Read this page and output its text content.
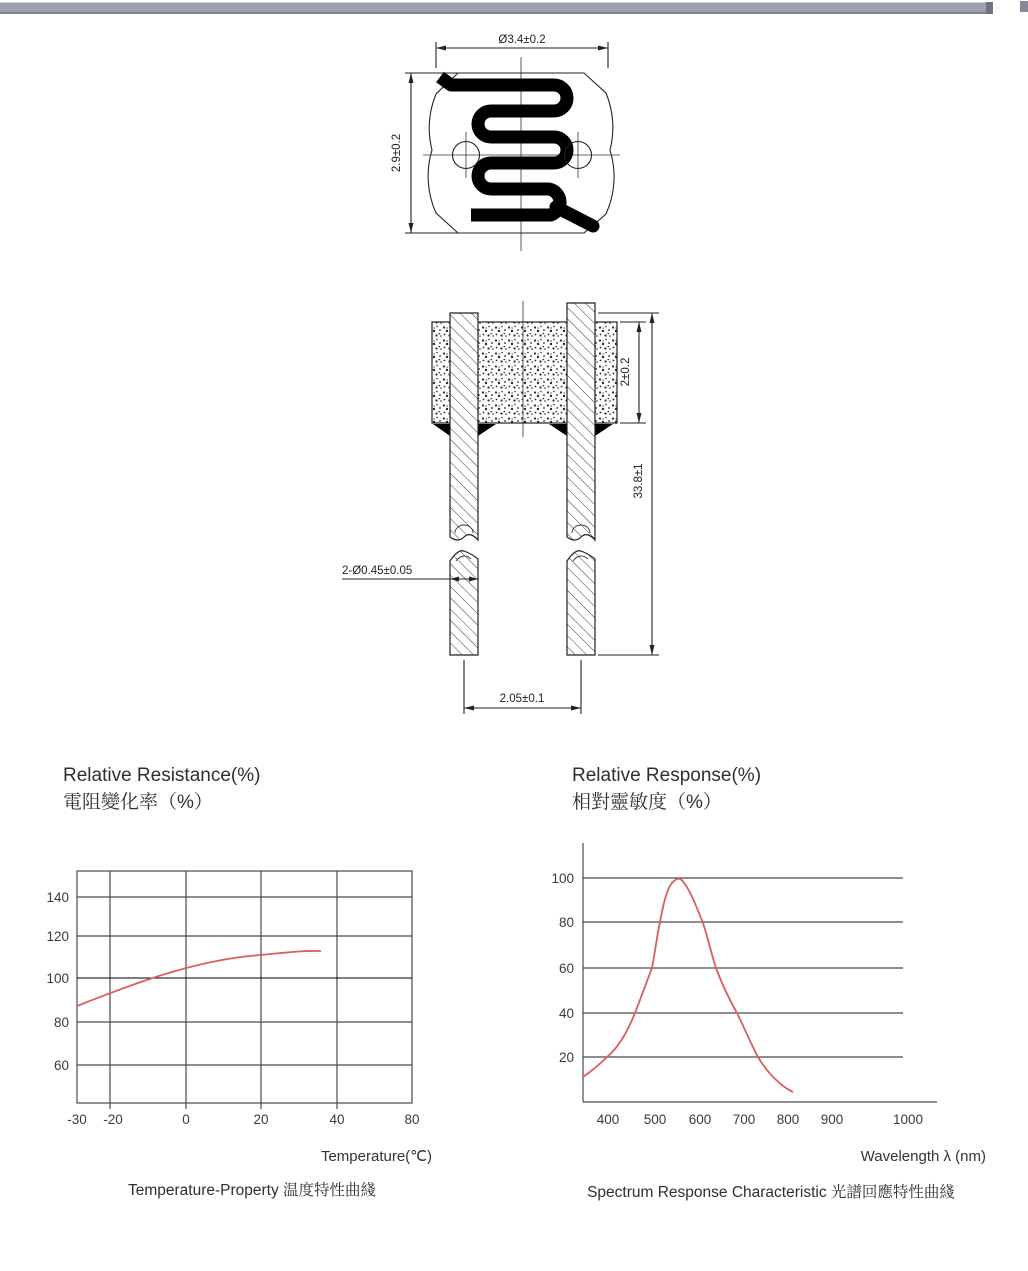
Ø3.4±0.2
2.9±0.2
2±0.2
33.8±1
2-Ø0.45±0.05
2.05±0.1
Relative Resistance(%)
電阻變化率（%）
140
120
100
80
60
-30 -20	0	20	40	80
Temperature(℃)
Temperature-Property 温度特性曲綫
Relative Response(%)
相對靈敏度（%）
100
80
60
40
20
400 500 600 700 800 900	1000
Wavelength λ (nm)
Spectrum Response Characteristic 光譜回應特性曲綫
